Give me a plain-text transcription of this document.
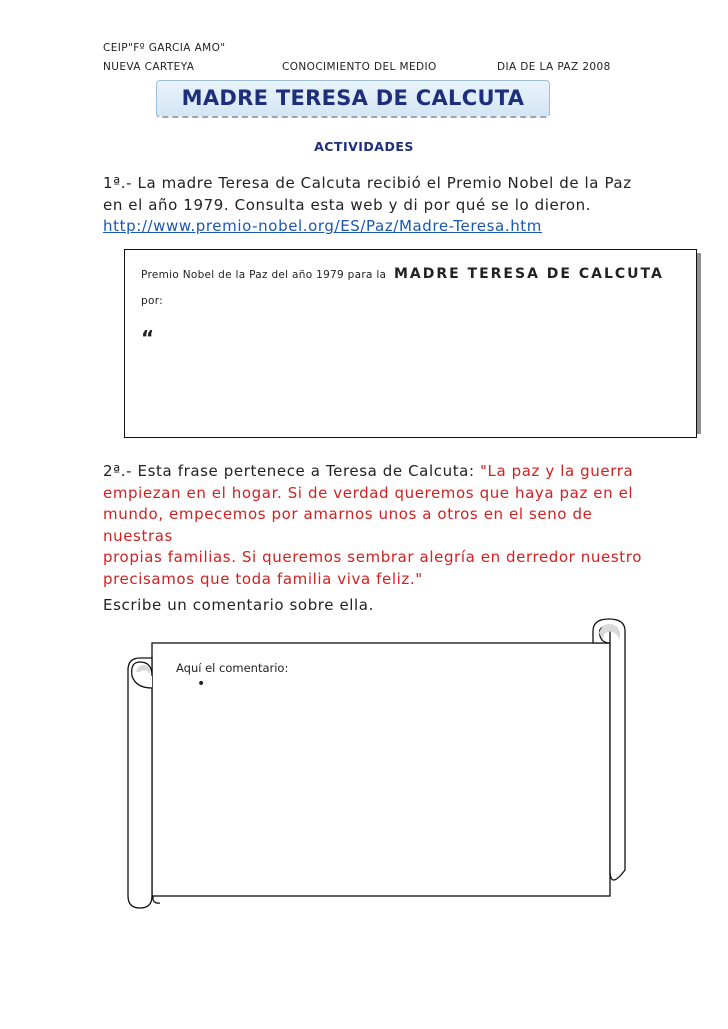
CEIP"Fº GARCIA AMO"
NUEVA CARTEYA	CONOCIMIENTO DEL MEDIO	DIA DE LA PAZ 2008
MADRE TERESA DE CALCUTA
ACTIVIDADES
1ª.- La madre Teresa de Calcuta recibió el Premio Nobel de la Paz
en el año 1979. Consulta esta web y di por qué se lo dieron.
http://www.premio-nobel.org/ES/Paz/Madre-Teresa.htm
Premio Nobel de la Paz del año 1979 para la MADRE TERESA DE CALCUTA
por:
“
2ª.- Esta frase pertenece a Teresa de Calcuta: "La paz y la guerra
empiezan en el hogar. Si de verdad queremos que haya paz en el
mundo, empecemos por amarnos unos a otros en el seno de nuestras
propias familias. Si queremos sembrar alegría en derredor nuestro
precisamos que toda familia viva feliz."
Escribe un comentario sobre ella.
Aquí el comentario:
•
